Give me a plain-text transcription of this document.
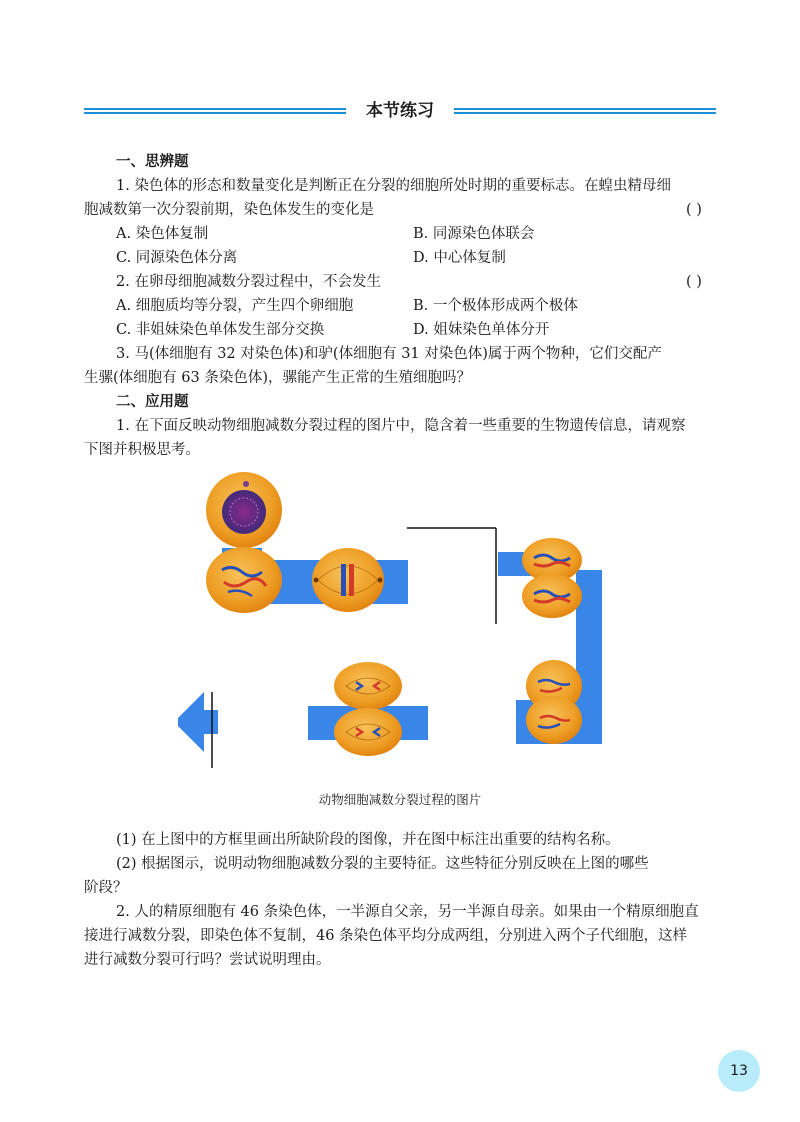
本节练习
一、思辨题
1. 染色体的形态和数量变化是判断正在分裂的细胞所处时期的重要标志。在蝗虫精母细
胞减数第一次分裂前期，染色体发生的变化是	( )
A. 染色体复制	B. 同源染色体联会
C. 同源染色体分离	D. 中心体复制
2. 在卵母细胞减数分裂过程中，不会发生	( )
A. 细胞质均等分裂，产生四个卵细胞	B. 一个极体形成两个极体
C. 非姐妹染色单体发生部分交换	D. 姐妹染色单体分开
3. 马(体细胞有 32 对染色体)和驴(体细胞有 31 对染色体)属于两个物种，它们交配产
生骡(体细胞有 63 条染色体)，骡能产生正常的生殖细胞吗？
二、应用题
1. 在下面反映动物细胞减数分裂过程的图片中，隐含着一些重要的生物遗传信息，请观察
下图并积极思考。
动物细胞减数分裂过程的图片
(1) 在上图中的方框里画出所缺阶段的图像，并在图中标注出重要的结构名称。
(2) 根据图示，说明动物细胞减数分裂的主要特征。这些特征分别反映在上图的哪些
阶段？
2. 人的精原细胞有 46 条染色体，一半源自父亲，另一半源自母亲。如果由一个精原细胞直
接进行减数分裂，即染色体不复制，46 条染色体平均分成两组，分别进入两个子代细胞，这样
进行减数分裂可行吗？尝试说明理由。
13
